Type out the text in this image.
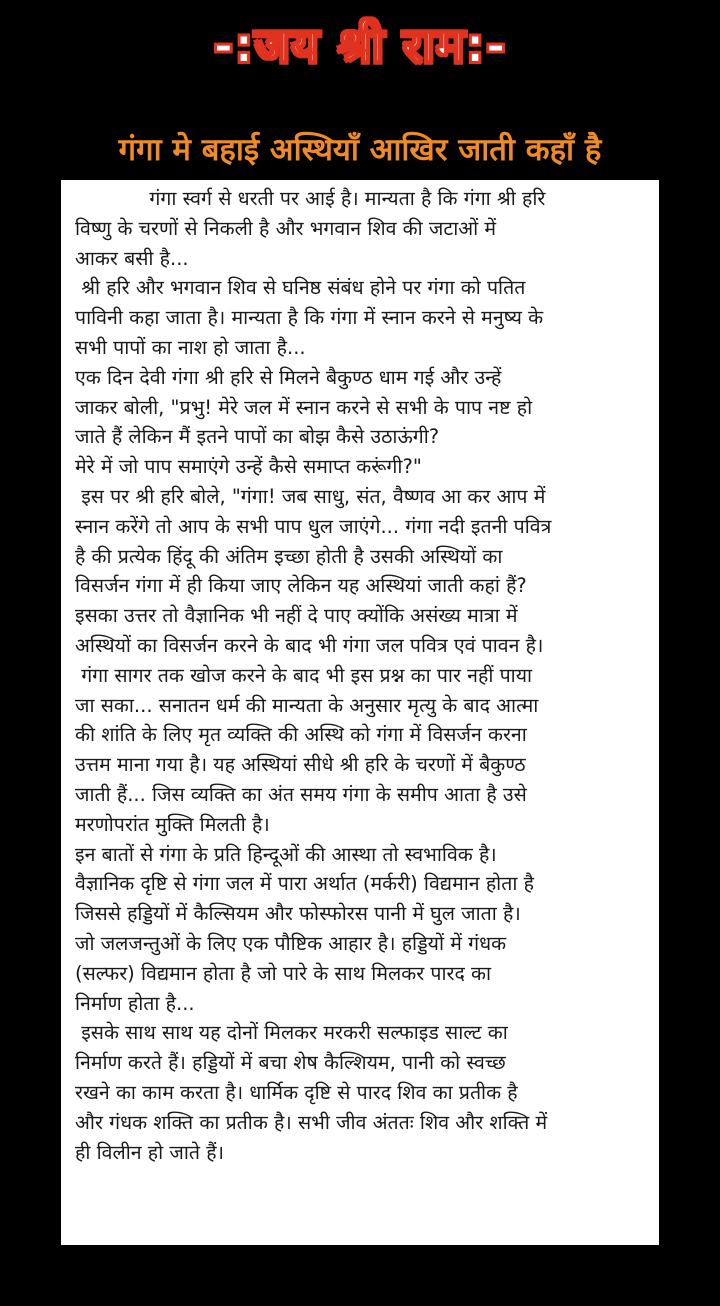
-:जय श्री राम:-
गंगा मे बहाई अस्थियाँ आखिर जाती कहाँ है

गंगा स्वर्ग से धरती पर आई है। मान्यता है कि गंगा श्री हरि

विष्णु के चरणों से निकली है और भगवान शिव की जटाओं में

आकर बसी है...

श्री हरि और भगवान शिव से घनिष्ठ संबंध होने पर गंगा को पतित

पाविनी कहा जाता है। मान्यता है कि गंगा में स्नान करने से मनुष्य के

सभी पापों का नाश हो जाता है...

एक दिन देवी गंगा श्री हरि से मिलने बैकुण्ठ धाम गई और उन्हें

जाकर बोली, "प्रभु! मेरे जल में स्नान करने से सभी के पाप नष्ट हो

जाते हैं लेकिन मैं इतने पापों का बोझ कैसे उठाऊंगी?

मेरे में जो पाप समाएंगे उन्हें कैसे समाप्त करूंगी?"

इस पर श्री हरि बोले, "गंगा! जब साधु, संत, वैष्णव आ कर आप में

स्नान करेंगे तो आप के सभी पाप धुल जाएंगे... गंगा नदी इतनी पवित्र

है की प्रत्येक हिंदू की अंतिम इच्छा होती है उसकी अस्थियों का

विसर्जन गंगा में ही किया जाए लेकिन यह अस्थियां जाती कहां हैं?

इसका उत्तर तो वैज्ञानिक भी नहीं दे पाए क्योंकि असंख्य मात्रा में

अस्थियों का विसर्जन करने के बाद भी गंगा जल पवित्र एवं पावन है।

गंगा सागर तक खोज करने के बाद भी इस प्रश्न का पार नहीं पाया

जा सका... सनातन धर्म की मान्यता के अनुसार मृत्यु के बाद आत्मा

की शांति के लिए मृत व्यक्ति की अस्थि को गंगा में विसर्जन करना

उत्तम माना गया है। यह अस्थियां सीधे श्री हरि के चरणों में बैकुण्ठ

जाती हैं... जिस व्यक्ति का अंत समय गंगा के समीप आता है उसे

मरणोपरांत मुक्ति मिलती है।

इन बातों से गंगा के प्रति हिन्दूओं की आस्था तो स्वभाविक है।

वैज्ञानिक दृष्टि से गंगा जल में पारा अर्थात (मर्करी) विद्यमान होता है

जिससे हड्डियों में कैल्सियम और फोस्फोरस पानी में घुल जाता है।

जो जलजन्तुओं के लिए एक पौष्टिक आहार है। हड्डियों में गंधक

(सल्फर) विद्यमान होता है जो पारे के साथ मिलकर पारद का

निर्माण होता है...

इसके साथ साथ यह दोनों मिलकर मरकरी सल्फाइड साल्ट का

निर्माण करते हैं। हड्डियों में बचा शेष कैल्शियम, पानी को स्वच्छ

रखने का काम करता है। धार्मिक दृष्टि से पारद शिव का प्रतीक है

और गंधक शक्ति का प्रतीक है। सभी जीव अंततः शिव और शक्ति में

ही विलीन हो जाते हैं।
